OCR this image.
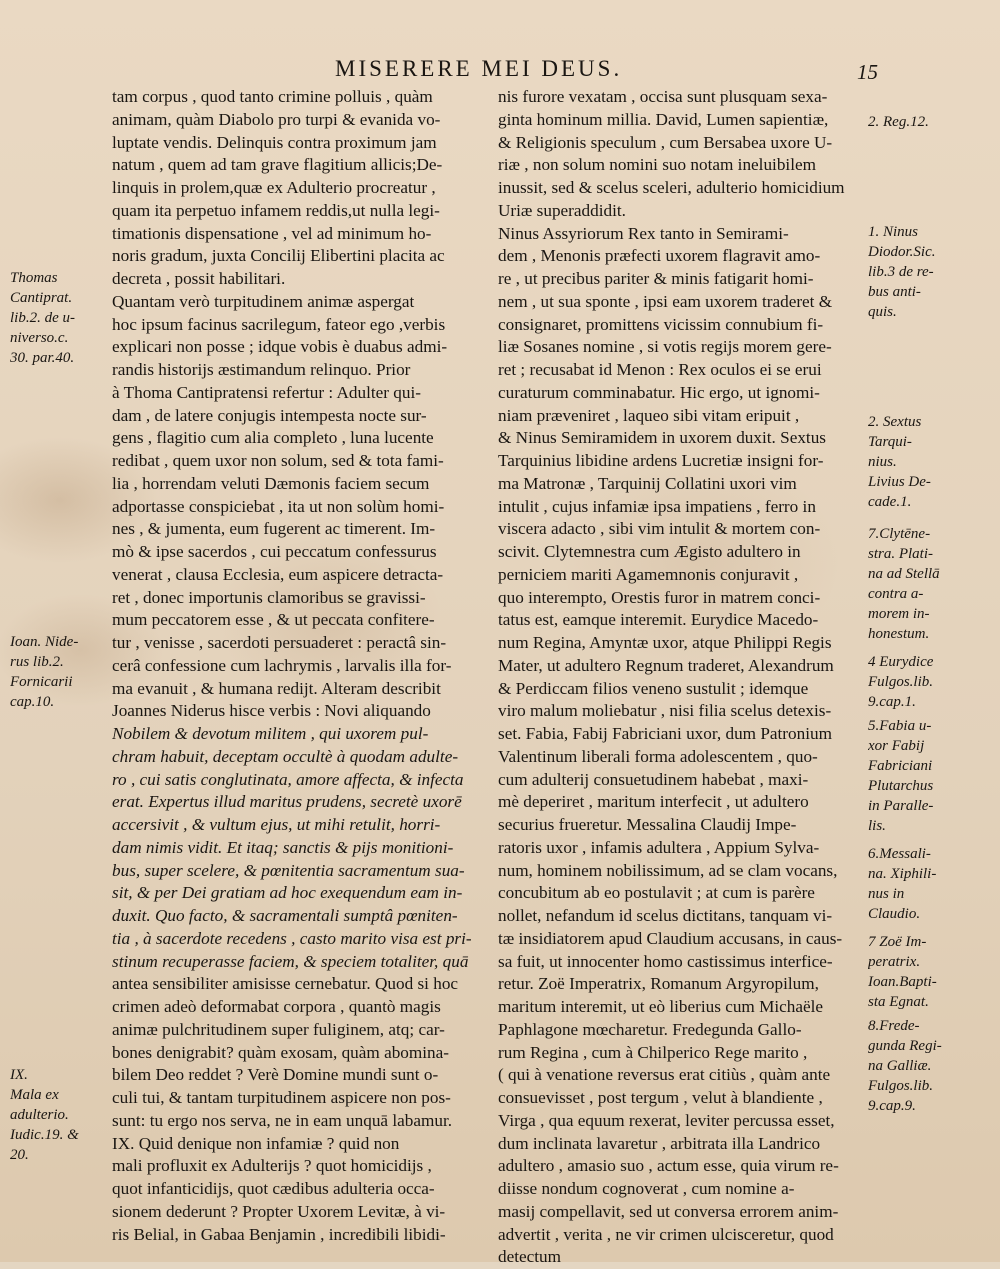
MISERERE MEI DEUS.	15
tam corpus , quod tanto crimine polluis , quàm
animam, quàm Diabolo pro turpi & evanida vo-
luptate vendis. Delinquis contra proximum jam
natum , quem ad tam grave flagitium allicis;De-
linquis in prolem,quæ ex Adulterio procreatur ,
quam ita perpetuo infamem reddis,ut nulla legi-
timationis dispensatione , vel ad minimum ho-
noris gradum, juxta Concilij Elibertini placita ac
decreta , possit habilitari.
Quantam verò turpitudinem animæ aspergat
hoc ipsum facinus sacrilegum, fateor ego ,verbis
explicari non posse ; idque vobis è duabus admi-
randis historijs æstimandum relinquo. Prior
à Thoma Cantipratensi refertur : Adulter qui-
dam , de latere conjugis intempesta nocte sur-
gens , flagitio cum alia completo , luna lucente
redibat , quem uxor non solum, sed & tota fami-
lia , horrendam veluti Dæmonis faciem secum
adportasse conspiciebat , ita ut non solùm homi-
nes , & jumenta, eum fugerent ac timerent. Im-
mò & ipse sacerdos , cui peccatum confessurus
venerat , clausa Ecclesia, eum aspicere detracta-
ret , donec importunis clamoribus se gravissi-
mum peccatorem esse , & ut peccata confitere-
tur , venisse , sacerdoti persuaderet : peractâ sin-
cerâ confessione cum lachrymis , larvalis illa for-
ma evanuit , & humana redijt. Alteram describit
Joannes Niderus hisce verbis : Novi aliquando
Nobilem & devotum militem , qui uxorem pul-
chram habuit, deceptam occultè à quodam adulte-
ro , cui satis conglutinata, amore affecta, & infecta
erat. Expertus illud maritus prudens, secretè uxorē
accersivit , & vultum ejus, ut mihi retulit, horri-
dam nimis vidit. Et itaq; sanctis & pijs monitioni-
bus, super scelere, & pœnitentia sacramentum sua-
sit, & per Dei gratiam ad hoc exequendum eam in-
duxit. Quo facto, & sacramentali sumptâ pœniten-
tia , à sacerdote recedens , casto marito visa est pri-
stinum recuperasse faciem, & speciem totaliter, quā
antea sensibiliter amisisse cernebatur. Quod si hoc
crimen adeò deformabat corpora , quantò magis
animæ pulchritudinem super fuliginem, atq; car-
bones denigrabit? quàm exosam, quàm abomina-
bilem Deo reddet ? Verè Domine mundi sunt o-
culi tui, & tantam turpitudinem aspicere non pos-
sunt: tu ergo nos serva, ne in eam unquā labamur.
IX. Quid denique non infamiæ ? quid non
mali profluxit ex Adulterijs ? quot homicidijs ,
quot infanticidijs, quot cædibus adulteria occa-
sionem dederunt ? Propter Uxorem Levitæ, à vi-
ris Belial, in Gabaa Benjamin , incredibili libidi-
nis furore vexatam , occisa sunt plusquam sexa-
ginta hominum millia. David, Lumen sapientiæ,
& Religionis speculum , cum Bersabea uxore U-
riæ , non solum nomini suo notam ineluibilem
inussit, sed & scelus sceleri, adulterio homicidium
Uriæ superaddidit.
Ninus Assyriorum Rex tanto in Semirami-
dem , Menonis præfecti uxorem flagravit amo-
re , ut precibus pariter & minis fatigarit homi-
nem , ut sua sponte , ipsi eam uxorem traderet &
consignaret, promittens vicissim connubium fi-
liæ Sosanes nomine , si votis regijs morem gere-
ret ; recusabat id Menon : Rex oculos ei se erui
curaturum comminabatur. Hic ergo, ut ignomi-
niam præveniret , laqueo sibi vitam eripuit ,
& Ninus Semiramidem in uxorem duxit. Sextus
Tarquinius libidine ardens Lucretiæ insigni for-
ma Matronæ , Tarquinij Collatini uxori vim
intulit , cujus infamiæ ipsa impatiens , ferro in
viscera adacto , sibi vim intulit & mortem con-
scivit. Clytemnestra cum Ægisto adultero in
perniciem mariti Agamemnonis conjuravit ,
quo interempto, Orestis furor in matrem conci-
tatus est, eamque interemit. Eurydice Macedo-
num Regina, Amyntæ uxor, atque Philippi Regis
Mater, ut adultero Regnum traderet, Alexandrum
& Perdiccam filios veneno sustulit ; idemque
viro malum moliebatur , nisi filia scelus detexis-
set. Fabia, Fabij Fabriciani uxor, dum Patronium
Valentinum liberali forma adolescentem , quo-
cum adulterij consuetudinem habebat , maxi-
mè deperiret , maritum interfecit , ut adultero
securius frueretur. Messalina Claudij Impe-
ratoris uxor , infamis adultera , Appium Sylva-
num, hominem nobilissimum, ad se clam vocans,
concubitum ab eo postulavit ; at cum is parère
nollet, nefandum id scelus dictitans, tanquam vi-
tæ insidiatorem apud Claudium accusans, in caus-
sa fuit, ut innocenter homo castissimus interfice-
retur. Zoë Imperatrix, Romanum Argyropilum,
maritum interemit, ut eò liberius cum Michaële
Paphlagone mœcharetur. Fredegunda Gallo-
rum Regina , cum à Chilperico Rege marito ,
( qui à venatione reversus erat citiùs , quàm ante
consuevisset , post tergum , velut à blandiente ,
Virga , qua equum rexerat, leviter percussa esset,
dum inclinata lavaretur , arbitrata illa Landrico
adultero , amasio suo , actum esse, quia virum re-
diisse nondum cognoverat , cum nomine a-
masij compellavit, sed ut conversa errorem anim-
advertit , verita , ne vir crimen ulcisceretur, quod
detectum
Thomas
Cantiprat.
lib.2. de u-
niverso.c.
30. par.40.
Ioan. Nide-
rus lib.2.
Fornicarii
cap.10.
IX.
Mala ex
adulterio.
Iudic.19. &
20.
2. Reg.12.
1. Ninus
Diodor.Sic.
lib.3 de re-
bus anti-
quis.
2. Sextus
Tarqui-
nius.
Livius De-
cade.1.
7.Clytēne-
stra. Plati-
na ad Stellā
contra a-
morem in-
honestum.
4 Eurydice
Fulgos.lib.
9.cap.1.
5.Fabia u-
xor Fabij
Fabriciani
Plutarchus
in Paralle-
lis.
6.Messali-
na. Xiphili-
nus in
Claudio.
7 Zoë Im-
peratrix.
Ioan.Bapti-
sta Egnat.
8.Frede-
gunda Regi-
na Galliæ.
Fulgos.lib.
9.cap.9.
